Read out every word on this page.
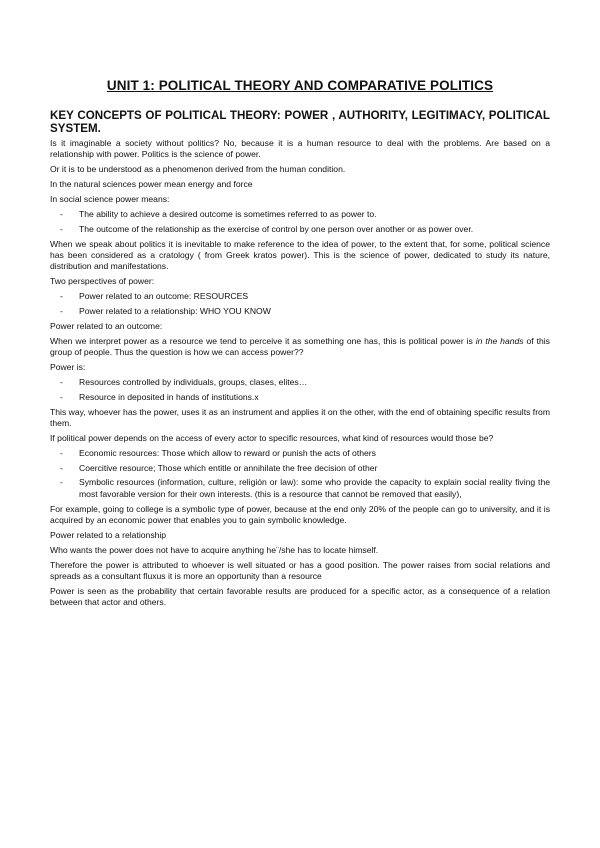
UNIT 1: POLITICAL THEORY AND COMPARATIVE POLITICS
KEY CONCEPTS OF POLITICAL THEORY: POWER , AUTHORITY, LEGITIMACY, POLITICAL SYSTEM.

Is it imaginable a society without politics? No, because it is a human resource to deal with the problems. Are based on a relationship with power. Politics is the science of power.

Or it is to be understood as a phenomenon derived from the human condition.

In the natural sciences power mean energy and force

In social science power means:

- The ability to achieve a desired outcome is sometimes referred to as power to.
- The outcome of the relationship as the exercise of control by one person over another or as power over.

When we speak about politics it is inevitable to make reference to the idea of power, to the extent that, for some, political science has been considered as a cratology ( from Greek kratos power). This is the science of power, dedicated to study its nature, distribution and manifestations.

Two perspectives of power:

- Power related to an outcome: RESOURCES
- Power related to a relationship: WHO YOU KNOW

Power related to an outcome:

When we interpret power as a resource we tend to perceive it as something one has, this is political power is in the hands of this group of people. Thus the question is how we can access power??

Power is:

- Resources controlled by individuals, groups, clases, elites…
- Resource in deposited in hands of institutions.x

This way, whoever has the power, uses it as an instrument and applies it on the other, with the end of obtaining specific results from them.

If political power depends on the access of every actor to specific resources, what kind of resources would those be?

- Economic resources: Those which allow to reward or punish the acts of others
- Coercitive resource; Those which entitle or annihilate the free decision of other
- Symbolic resources (information, culture, religión or law): some who provide the capacity to explain social reality fiving the most favorable version for their own interests. (this is a resource that cannot be removed that easily),

For example, going to college is a symbolic type of power, because at the end only 20% of the people can go to university, and it is acquired by an economic power that enables you to gain symbolic knowledge.

Power related to a relationship

Who wants the power does not have to acquire anything he¨/she has to locate himself.

Therefore the power is attributed to whoever is well situated or has a good position. The power raises from social relations and spreads as a consultant fluxus it is more an opportunity than a resource

Power is seen as the probability that certain favorable results are produced for a specific actor, as a consequence of a relation between that actor and others.
